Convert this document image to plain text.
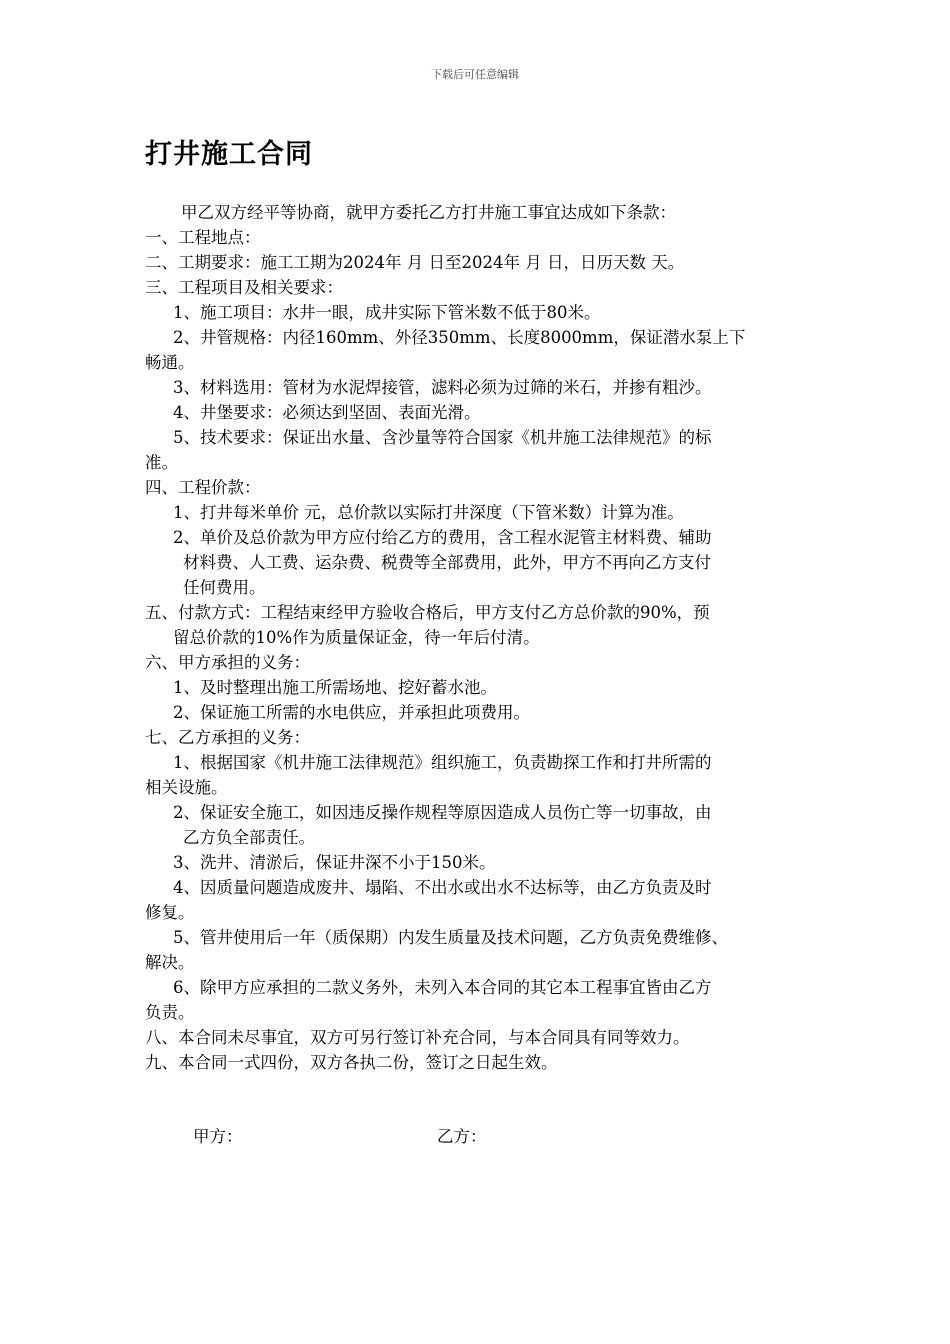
下载后可任意编辑
打井施工合同
甲乙双方经平等协商，就甲方委托乙方打井施工事宜达成如下条款：
一、工程地点：
二、工期要求：施工工期为2024年 月 日至2024年 月 日，日历天数 天。
三、工程项目及相关要求：
1、施工项目：水井一眼，成井实际下管米数不低于80米。
2、井管规格：内径160mm、外径350mm、长度8000mm，保证潜水泵上下
畅通。
3、材料选用：管材为水泥焊接管，滤料必须为过筛的米石，并掺有粗沙。
4、井堡要求：必须达到坚固、表面光滑。
5、技术要求：保证出水量、含沙量等符合国家《机井施工法律规范》的标
准。
四、工程价款：
1、打井每米单价 元，总价款以实际打井深度（下管米数）计算为准。
2、单价及总价款为甲方应付给乙方的费用，含工程水泥管主材料费、辅助
材料费、人工费、运杂费、税费等全部费用，此外，甲方不再向乙方支付
任何费用。
五、付款方式：工程结束经甲方验收合格后，甲方支付乙方总价款的90%，预
留总价款的10%作为质量保证金，待一年后付清。
六、甲方承担的义务：
1、及时整理出施工所需场地、挖好蓄水池。
2、保证施工所需的水电供应，并承担此项费用。
七、乙方承担的义务：
1、根据国家《机井施工法律规范》组织施工，负责勘探工作和打井所需的
相关设施。
2、保证安全施工，如因违反操作规程等原因造成人员伤亡等一切事故，由
乙方负全部责任。
3、洗井、清淤后，保证井深不小于150米。
4、因质量问题造成废井、塌陷、不出水或出水不达标等，由乙方负责及时
修复。
5、管井使用后一年（质保期）内发生质量及技术问题，乙方负责免费维修、
解决。
6、除甲方应承担的二款义务外，未列入本合同的其它本工程事宜皆由乙方
负责。
八、本合同未尽事宜，双方可另行签订补充合同，与本合同具有同等效力。
九、本合同一式四份，双方各执二份，签订之日起生效。
甲方：	乙方：
